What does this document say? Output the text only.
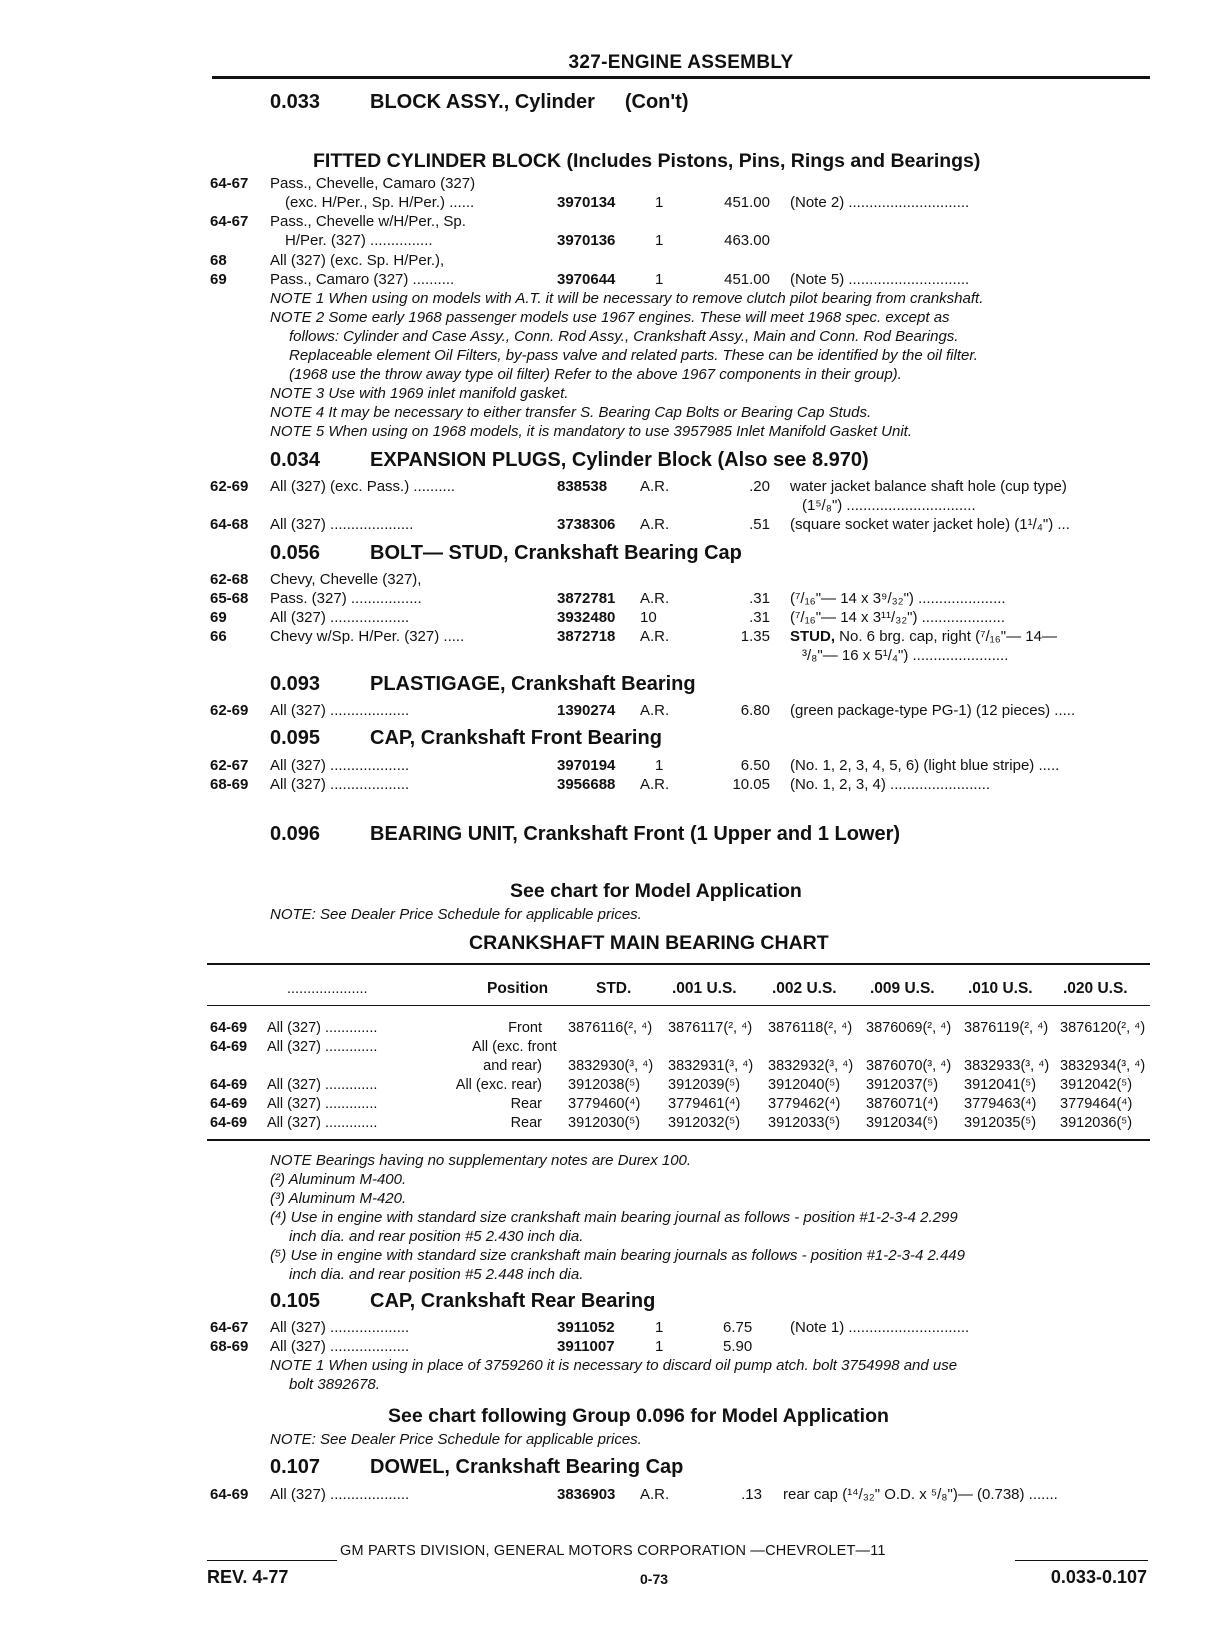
327-ENGINE ASSEMBLY
0.033 BLOCK ASSY., Cylinder (Con't)
FITTED CYLINDER BLOCK (Includes Pistons, Pins, Rings and Bearings)
64-67 Pass., Chevelle, Camaro (327)
(exc. H/Per., Sp. H/Per.) ......	3970134	1	451.00 (Note 2) .............................
64-67 Pass., Chevelle w/H/Per., Sp.
H/Per. (327) ...............	3970136	1	463.00
68	All (327) (exc. Sp. H/Per.),
69	Pass., Camaro (327) ..........	3970644	1	451.00 (Note 5) .............................
NOTE 1 When using on models with A.T. it will be necessary to remove clutch pilot bearing from crankshaft.
NOTE 2 Some early 1968 passenger models use 1967 engines. These will meet 1968 spec. except as
follows: Cylinder and Case Assy., Conn. Rod Assy., Crankshaft Assy., Main and Conn. Rod Bearings.
Replaceable element Oil Filters, by-pass valve and related parts. These can be identified by the oil filter.
(1968 use the throw away type oil filter) Refer to the above 1967 components in their group).
NOTE 3 Use with 1969 inlet manifold gasket.
NOTE 4 It may be necessary to either transfer S. Bearing Cap Bolts or Bearing Cap Studs.
NOTE 5 When using on 1968 models, it is mandatory to use 3957985 Inlet Manifold Gasket Unit.
0.034 EXPANSION PLUGS, Cylinder Block (Also see 8.970)
62-69 All (327) (exc. Pass.) ..........	838538 A.R.	.20 water jacket balance shaft hole (cup type)
(1⁵/₈") ...............................
64-68 All (327) ....................	3738306 A.R.	.51 (square socket water jacket hole) (1¹/₄") ...
0.056 BOLT— STUD, Crankshaft Bearing Cap
62-68 Chevy, Chevelle (327),
65-68 Pass. (327) .................	3872781 A.R.	.31 (⁷/₁₆"— 14 x 3⁹/₃₂") .....................
69	All (327) ...................	3932480 10	.31 (⁷/₁₆"— 14 x 3¹¹/₃₂") ....................
66	Chevy w/Sp. H/Per. (327) .....	3872718 A.R.	1.35 STUD, No. 6 brg. cap, right (⁷/₁₆"— 14—
³/₈"— 16 x 5¹/₄") .......................
0.093 PLASTIGAGE, Crankshaft Bearing
62-69 All (327) ...................	1390274 A.R.	6.80 (green package-type PG-1) (12 pieces) .....
0.095 CAP, Crankshaft Front Bearing
62-67 All (327) ...................	3970194	1	6.50 (No. 1, 2, 3, 4, 5, 6) (light blue stripe) .....
68-69 All (327) ...................	3956688 A.R.	10.05 (No. 1, 2, 3, 4) ........................
0.096 BEARING UNIT, Crankshaft Front (1 Upper and 1 Lower)
See chart for Model Application
NOTE: See Dealer Price Schedule for applicable prices.
CRANKSHAFT MAIN BEARING CHART
....................	Position	STD.	.001 U.S. .002 U.S. .009 U.S. .010 U.S. .020 U.S.
64-69 All (327) .............	Front 3876116(², ⁴) 3876117(², ⁴) 3876118(², ⁴) 3876069(², ⁴) 3876119(², ⁴) 3876120(², ⁴)
64-69 All (327) .............	All (exc. front
and rear) 3832930(³, ⁴) 3832931(³, ⁴) 3832932(³, ⁴) 3876070(³, ⁴) 3832933(³, ⁴) 3832934(³, ⁴)
64-69 All (327) .............	All (exc. rear) 3912038(⁵) 3912039(⁵) 3912040(⁵) 3912037(⁵) 3912041(⁵) 3912042(⁵)
64-69 All (327) .............	Rear 3779460(⁴) 3779461(⁴) 3779462(⁴) 3876071(⁴) 3779463(⁴) 3779464(⁴)
64-69 All (327) .............	Rear 3912030(⁵) 3912032(⁵) 3912033(⁵) 3912034(⁵) 3912035(⁵) 3912036(⁵)
NOTE Bearings having no supplementary notes are Durex 100.
(²) Aluminum M-400.
(³) Aluminum M-420.
(⁴) Use in engine with standard size crankshaft main bearing journal as follows - position #1-2-3-4 2.299
inch dia. and rear position #5 2.430 inch dia.
(⁵) Use in engine with standard size crankshaft main bearing journals as follows - position #1-2-3-4 2.449
inch dia. and rear position #5 2.448 inch dia.
0.105 CAP, Crankshaft Rear Bearing
64-67 All (327) ...................	3911052	1	6.75	(Note 1) .............................
68-69 All (327) ...................	3911007	1	5.90
NOTE 1 When using in place of 3759260 it is necessary to discard oil pump atch. bolt 3754998 and use
bolt 3892678.
See chart following Group 0.096 for Model Application
NOTE: See Dealer Price Schedule for applicable prices.
0.107 DOWEL, Crankshaft Bearing Cap
64-69 All (327) ...................	3836903 A.R.	.13 rear cap (¹⁴/₃₂" O.D. x ⁵/₈")— (0.738) .......
GM PARTS DIVISION, GENERAL MOTORS CORPORATION —CHEVROLET—11
REV. 4-77	0-73	0.033-0.107
